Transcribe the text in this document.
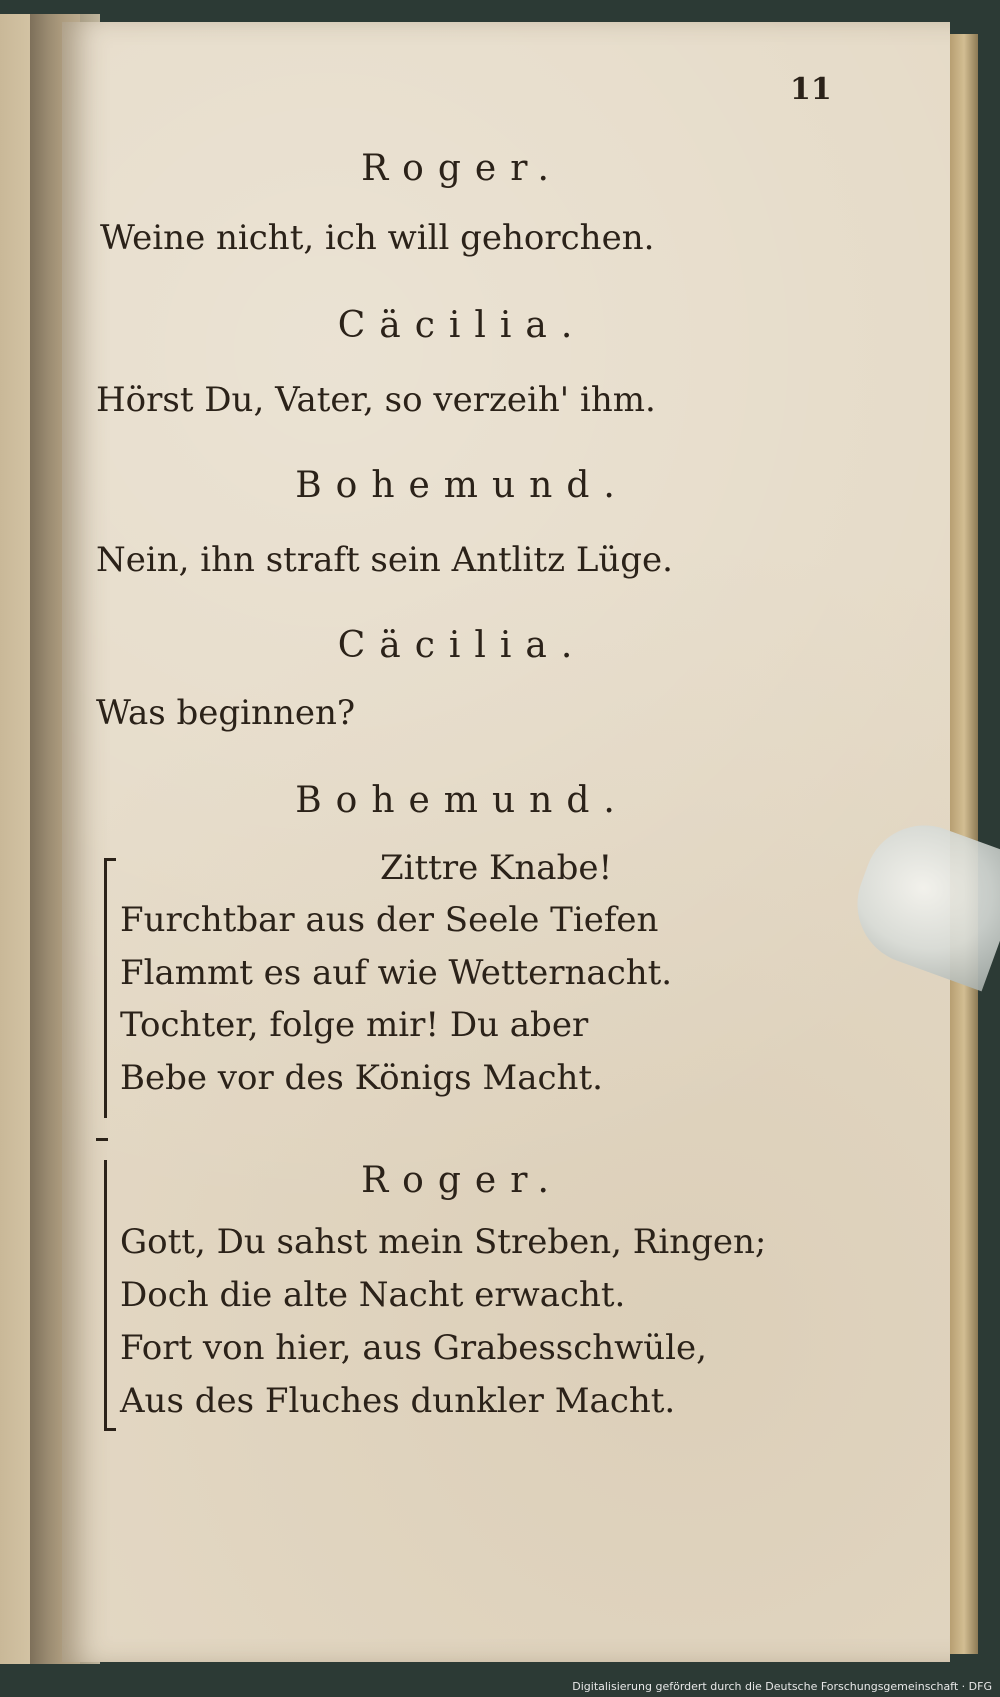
11
Roger.
Weine nicht, ich will gehorchen.
Cäcilia.
Hörst Du, Vater, so verzeih' ihm.
Bohemund.
Nein, ihn straft sein Antlitz Lüge.
Cäcilia.
Was beginnen?
Bohemund.
Zittre Knabe!
Furchtbar aus der Seele Tiefen
Flammt es auf wie Wetternacht.
Tochter, folge mir! Du aber
Bebe vor des Königs Macht.
Roger.
Gott, Du sahst mein Streben, Ringen;
Doch die alte Nacht erwacht.
Fort von hier, aus Grabesschwüle,
Aus des Fluches dunkler Macht.
Digitalisierung gefördert durch die Deutsche Forschungsgemeinschaft · DFG
